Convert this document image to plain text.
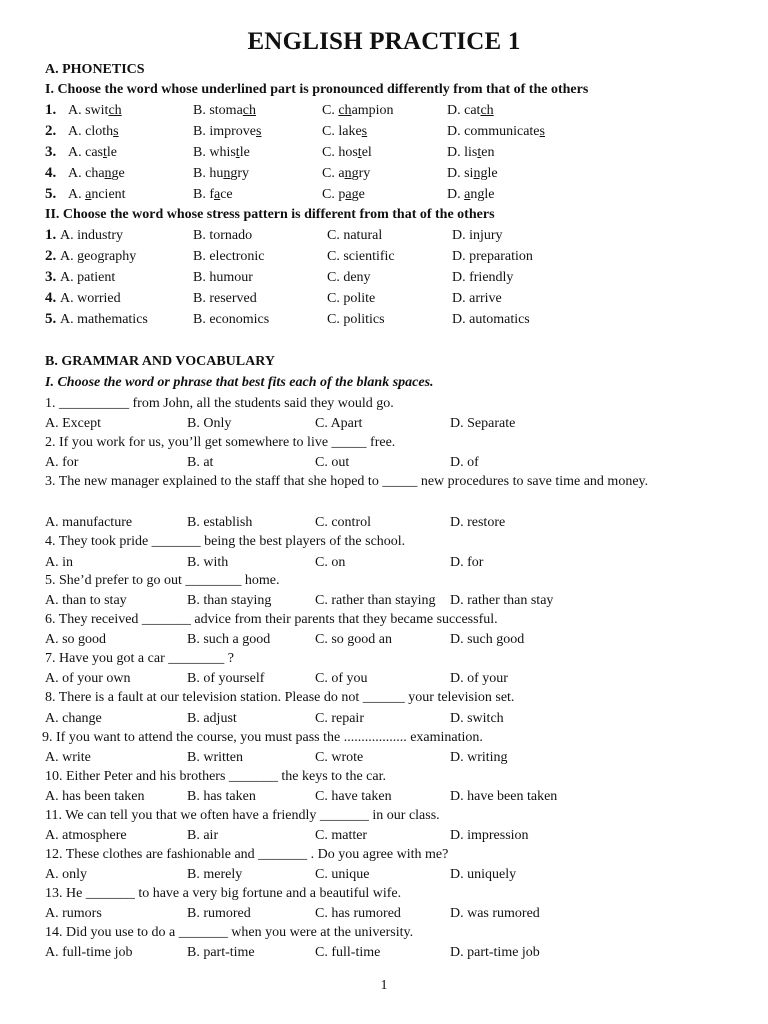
ENGLISH PRACTICE 1
A. PHONETICS
I. Choose the word whose underlined part is pronounced differently from that of the others
1. A. switch	B. stomach	C. champion	D. catch
2. A. cloths	B. improves	C. lakes	D. communicates
3. A. castle	B. whistle	C. hostel	D. listen
4. A. change	B. hungry	C. angry	D. single
5. A. ancient	B. face	C. page	D. angle
II. Choose the word whose stress pattern is different from that of the others
1. A. industry	B. tornado	C. natural	D. injury
2. A. geography	B. electronic	C. scientific	D. preparation
3. A. patient	B. humour	C. deny	D. friendly
4. A. worried	B. reserved	C. polite	D. arrive
5. A. mathematics	B. economics	C. politics	D. automatics
B. GRAMMAR AND VOCABULARY
I. Choose the word or phrase that best fits each of the blank spaces.
1. __________ from John, all the students said they would go.
A. Except	B. Only	C. Apart	D. Separate
2. If you work for us, you’ll get somewhere to live _____ free.
A. for	B. at	C. out	D. of
3. The new manager explained to the staff that she hoped to _____ new procedures to save time and money.
A. manufacture	B. establish	C. control	D. restore
4. They took pride _______ being the best players of the school.
A. in	B. with	C. on	D. for
5. She’d prefer to go out ________ home.
A. than to stay	B. than staying	C. rather than staying D. rather than stay
6. They received _______ advice from their parents that they became successful.
A. so good	B. such a good	C. so good an	D. such good
7. Have you got a car ________ ?
A. of your own	B. of yourself	C. of you	D. of your
8. There is a fault at our television station. Please do not ______ your television set.
A. change	B. adjust	C. repair	D. switch
9. If you want to attend the course, you must pass the .................. examination.
A. write	B. written	C. wrote	D. writing
10. Either Peter and his brothers _______ the keys to the car.
A. has been taken	B. has taken	C. have taken	D. have been taken
11. We can tell you that we often have a friendly _______ in our class.
A. atmosphere	B. air	C. matter	D. impression
12. These clothes are fashionable and _______ . Do you agree with me?
A. only	B. merely	C. unique	D. uniquely
13. He _______ to have a very big fortune and a beautiful wife.
A. rumors	B. rumored	C. has rumored	D. was rumored
14. Did you use to do a _______ when you were at the university.
A. full-time job	B. part-time	C. full-time	D. part-time job
1
